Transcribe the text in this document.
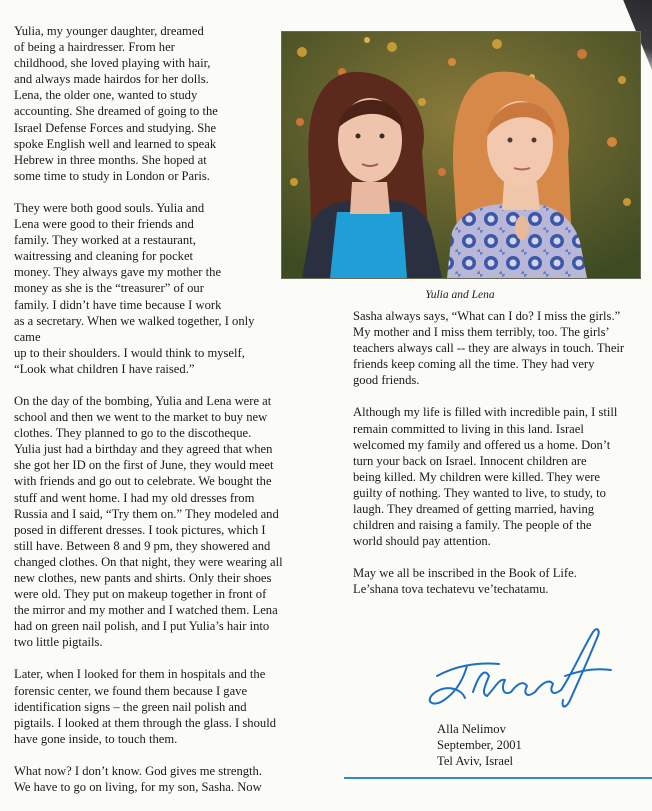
Yulia, my younger daughter, dreamed
of being a hairdresser. From her
childhood, she loved playing with hair,
and always made hairdos for her dolls.
Lena, the older one, wanted to study
accounting. She dreamed of going to the
Israel Defense Forces and studying. She
spoke English well and learned to speak
Hebrew in three months. She hoped at
some time to study in London or Paris.

They were both good souls. Yulia and
Lena were good to their friends and
family. They worked at a restaurant,
waitressing and cleaning for pocket
money. They always gave my mother the
money as she is the “treasurer” of our
family. I didn’t have time because I work
as a secretary. When we walked together, I only came
up to their shoulders. I would think to myself,
“Look what children I have raised.”

On the day of the bombing, Yulia and Lena were at
school and then we went to the market to buy new
clothes. They planned to go to the discotheque.
Yulia just had a birthday and they agreed that when
she got her ID on the first of June, they would meet
with friends and go out to celebrate. We bought the
stuff and went home. I had my old dresses from
Russia and I said, “Try them on.” They modeled and
posed in different dresses. I took pictures, which I
still have. Between 8 and 9 pm, they showered and
changed clothes. On that night, they were wearing all
new clothes, new pants and shirts. Only their shoes
were old. They put on makeup together in front of
the mirror and my mother and I watched them. Lena
had on green nail polish, and I put Yulia’s hair into
two little pigtails.

Later, when I looked for them in hospitals and the
forensic center, we found them because I gave
identification signs – the green nail polish and
pigtails. I looked at them through the glass. I should
have gone inside, to touch them.

What now? I don’t know. God gives me strength.
We have to go on living, for my son, Sasha. Now

Yulia and Lena

Sasha always says, “What can I do? I miss the girls.”
My mother and I miss them terribly, too. The girls’
teachers always call -- they are always in touch. Their
friends keep coming all the time. They had very
good friends.

Although my life is filled with incredible pain, I still
remain committed to living in this land. Israel
welcomed my family and offered us a home. Don’t
turn your back on Israel. Innocent children are
being killed. My children were killed. They were
guilty of nothing. They wanted to live, to study, to
laugh. They dreamed of getting married, having
children and raising a family. The people of the
world should pay attention.

May we all be inscribed in the Book of Life.
Le’shana tova techatevu ve’techatamu.

Alla Nelimov
September, 2001
Tel Aviv, Israel
